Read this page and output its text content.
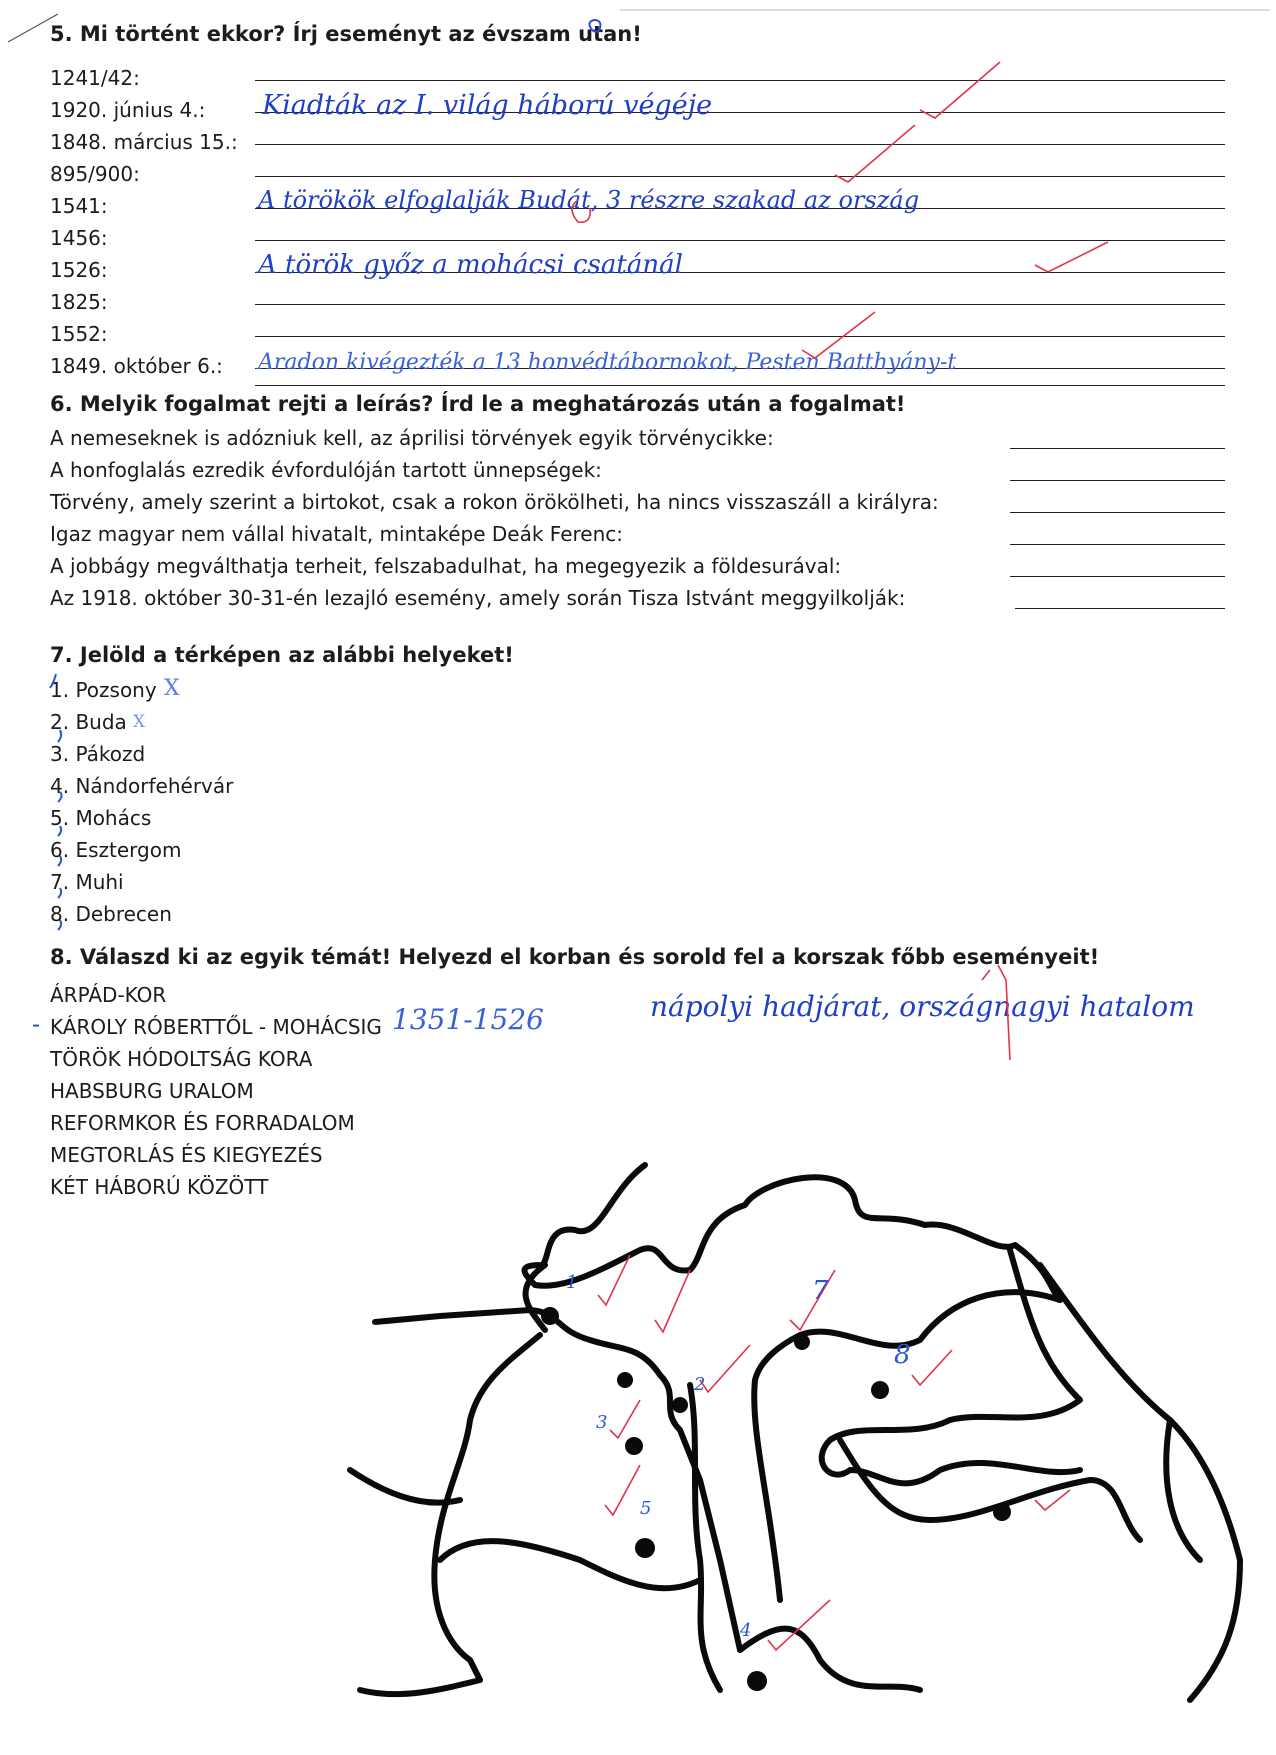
5. Mi történt ekkor? Írj eseményt az évszam utan!
1241/42:
1920. június 4.:
1848. március 15.:
895/900:
1541:
1456:
1526:
1825:
1552:
1849. október 6.:
Kiadták az I. világ háború végéje
A törökök elfoglalják Budát, 3 részre szakad az ország
A török győz a mohácsi csatánál
Aradon kivégezték a 13 honvédtábornokot, Pesten Batthyány-t
6. Melyik fogalmat rejti a leírás? Írd le a meghatározás után a fogalmat!
A nemeseknek is adózniuk kell, az áprilisi törvények egyik törvénycikke:
A honfoglalás ezredik évfordulóján tartott ünnepségek:
Törvény, amely szerint a birtokot, csak a rokon örökölheti, ha nincs visszaszáll a királyra:
Igaz magyar nem vállal hivatalt, mintaképe Deák Ferenc:
A jobbágy megválthatja terheit, felszabadulhat, ha megegyezik a földesurával:
Az 1918. október 30-31-én lezajló esemény, amely során Tisza Istvánt meggyilkolják:
7. Jelöld a térképen az alábbi helyeket!
1. Pozsony
2. Buda
3. Pákozd
4. Nándorfehérvár
5. Mohács
6. Esztergom
7. Muhi
8. Debrecen
X
X
8. Válaszd ki az egyik témát! Helyezd el korban és sorold fel a korszak főbb eseményeit!
ÁRPÁD-KOR
KÁROLY RÓBERTTŐL - MOHÁCSIG
TÖRÖK HÓDOLTSÁG KORA
HABSBURG URALOM
REFORMKOR ÉS FORRADALOM
MEGTORLÁS ÉS KIEGYEZÉS
KÉT HÁBORÚ KÖZÖTT
-	1351-1526	nápolyi hadjárat, országnagyi hatalom
1
2
3
4
5
7
8
